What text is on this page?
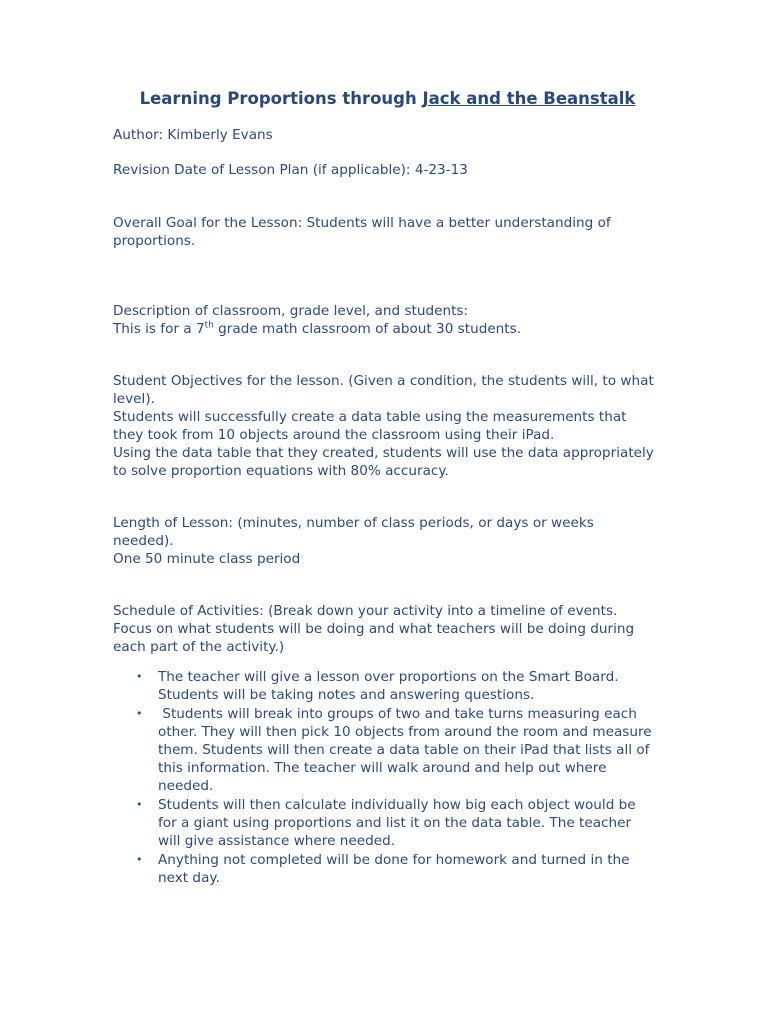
Learning Proportions through Jack and the Beanstalk

Author: Kimberly Evans

Revision Date of Lesson Plan (if applicable): 4-23-13

Overall Goal for the Lesson: Students will have a better understanding of proportions.

Description of classroom, grade level, and students:

This is for a 7th grade math classroom of about 30 students.

Student Objectives for the lesson. (Given a condition, the students will, to what level).

Students will successfully create a data table using the measurements that they took from 10 objects around the classroom using their iPad.

Using the data table that they created, students will use the data appropriately to solve proportion equations with 80% accuracy.

Length of Lesson: (minutes, number of class periods, or days or weeks needed).

One 50 minute class period

Schedule of Activities: (Break down your activity into a timeline of events. Focus on what students will be doing and what teachers will be doing during each part of the activity.)

• The teacher will give a lesson over proportions on the Smart Board. Students will be taking notes and answering questions.
• Students will break into groups of two and take turns measuring each other. They will then pick 10 objects from around the room and measure them. Students will then create a data table on their iPad that lists all of this information. The teacher will walk around and help out where needed.
• Students will then calculate individually how big each object would be for a giant using proportions and list it on the data table. The teacher will give assistance where needed.
• Anything not completed will be done for homework and turned in the next day.
